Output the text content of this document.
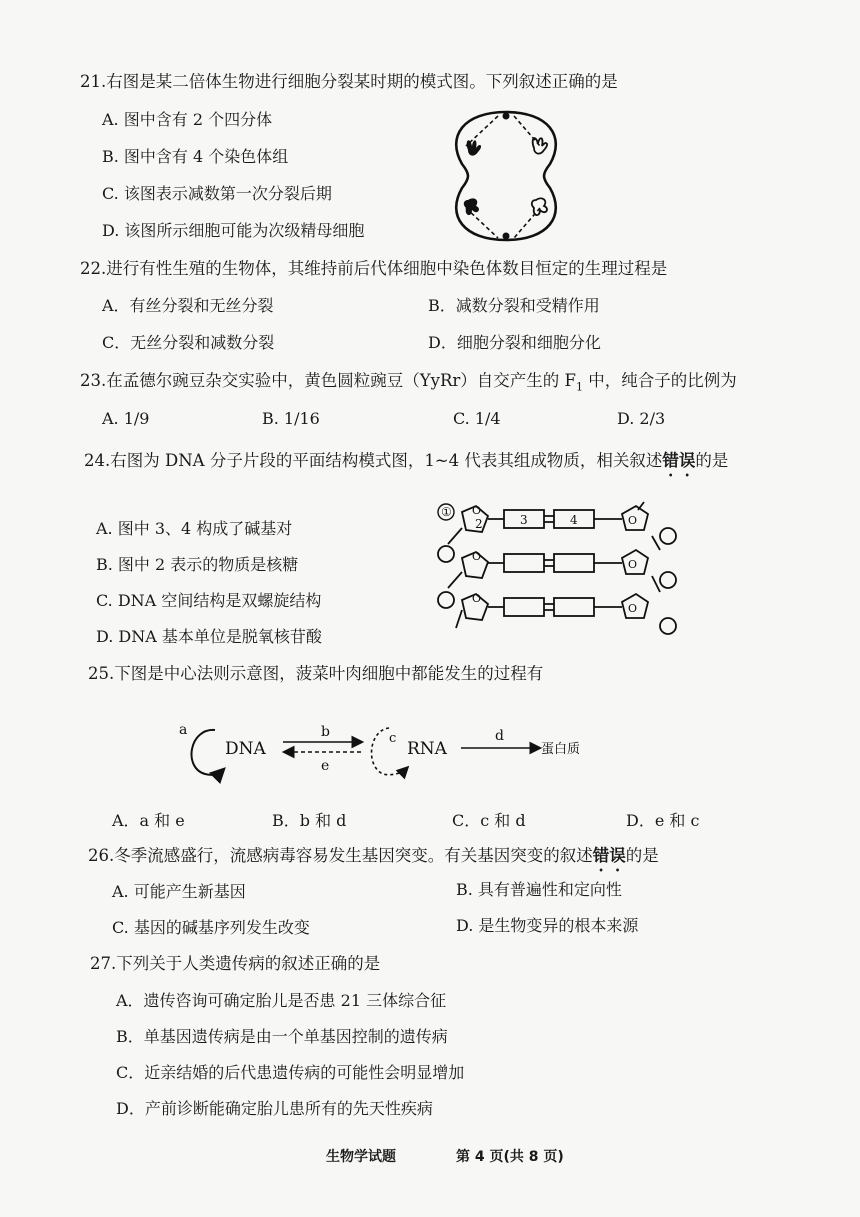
21.右图是某二倍体生物进行细胞分裂某时期的模式图。下列叙述正确的是
A. 图中含有 2 个四分体
B. 图中含有 4 个染色体组
C. 该图表示减数第一次分裂后期
D. 该图所示细胞可能为次级精母细胞
22.进行有性生殖的生物体，其维持前后代体细胞中染色体数目恒定的生理过程是
A．有丝分裂和无丝分裂	B．减数分裂和受精作用
C．无丝分裂和减数分裂	D．细胞分裂和细胞分化
23.在孟德尔豌豆杂交实验中，黄色圆粒豌豆（YyRr）自交产生的 $F_1$ 中，纯合子的比例为
A. 1/9	B. 1/16	C. 1/4	D. 2/3
24.右图为 DNA 分子片段的平面结构模式图，1~4 代表其组成物质，相关叙述错误的是
A. 图中 3、4 构成了碱基对
B. 图中 2 表示的物质是核糖
C. DNA 空间结构是双螺旋结构
D. DNA 基本单位是脱氧核苷酸
O
O
O
O
O
O
①
2	3	4
25.下图是中心法则示意图，菠菜叶肉细胞中都能发生的过程有
a
DNA
b
e
c
RNA
d
蛋白质
A．a 和 e	B．b 和 d	C．c 和 d	D．e 和 c
26.冬季流感盛行，流感病毒容易发生基因突变。有关基因突变的叙述错误的是
A. 可能产生新基因	B. 具有普遍性和定向性
C. 基因的碱基序列发生改变	D. 是生物变异的根本来源
27.下列关于人类遗传病的叙述正确的是
A．遗传咨询可确定胎儿是否患 21 三体综合征
B．单基因遗传病是由一个单基因控制的遗传病
C．近亲结婚的后代患遗传病的可能性会明显增加
D．产前诊断能确定胎儿患所有的先天性疾病
生物学试题	第 4 页(共 8 页)
